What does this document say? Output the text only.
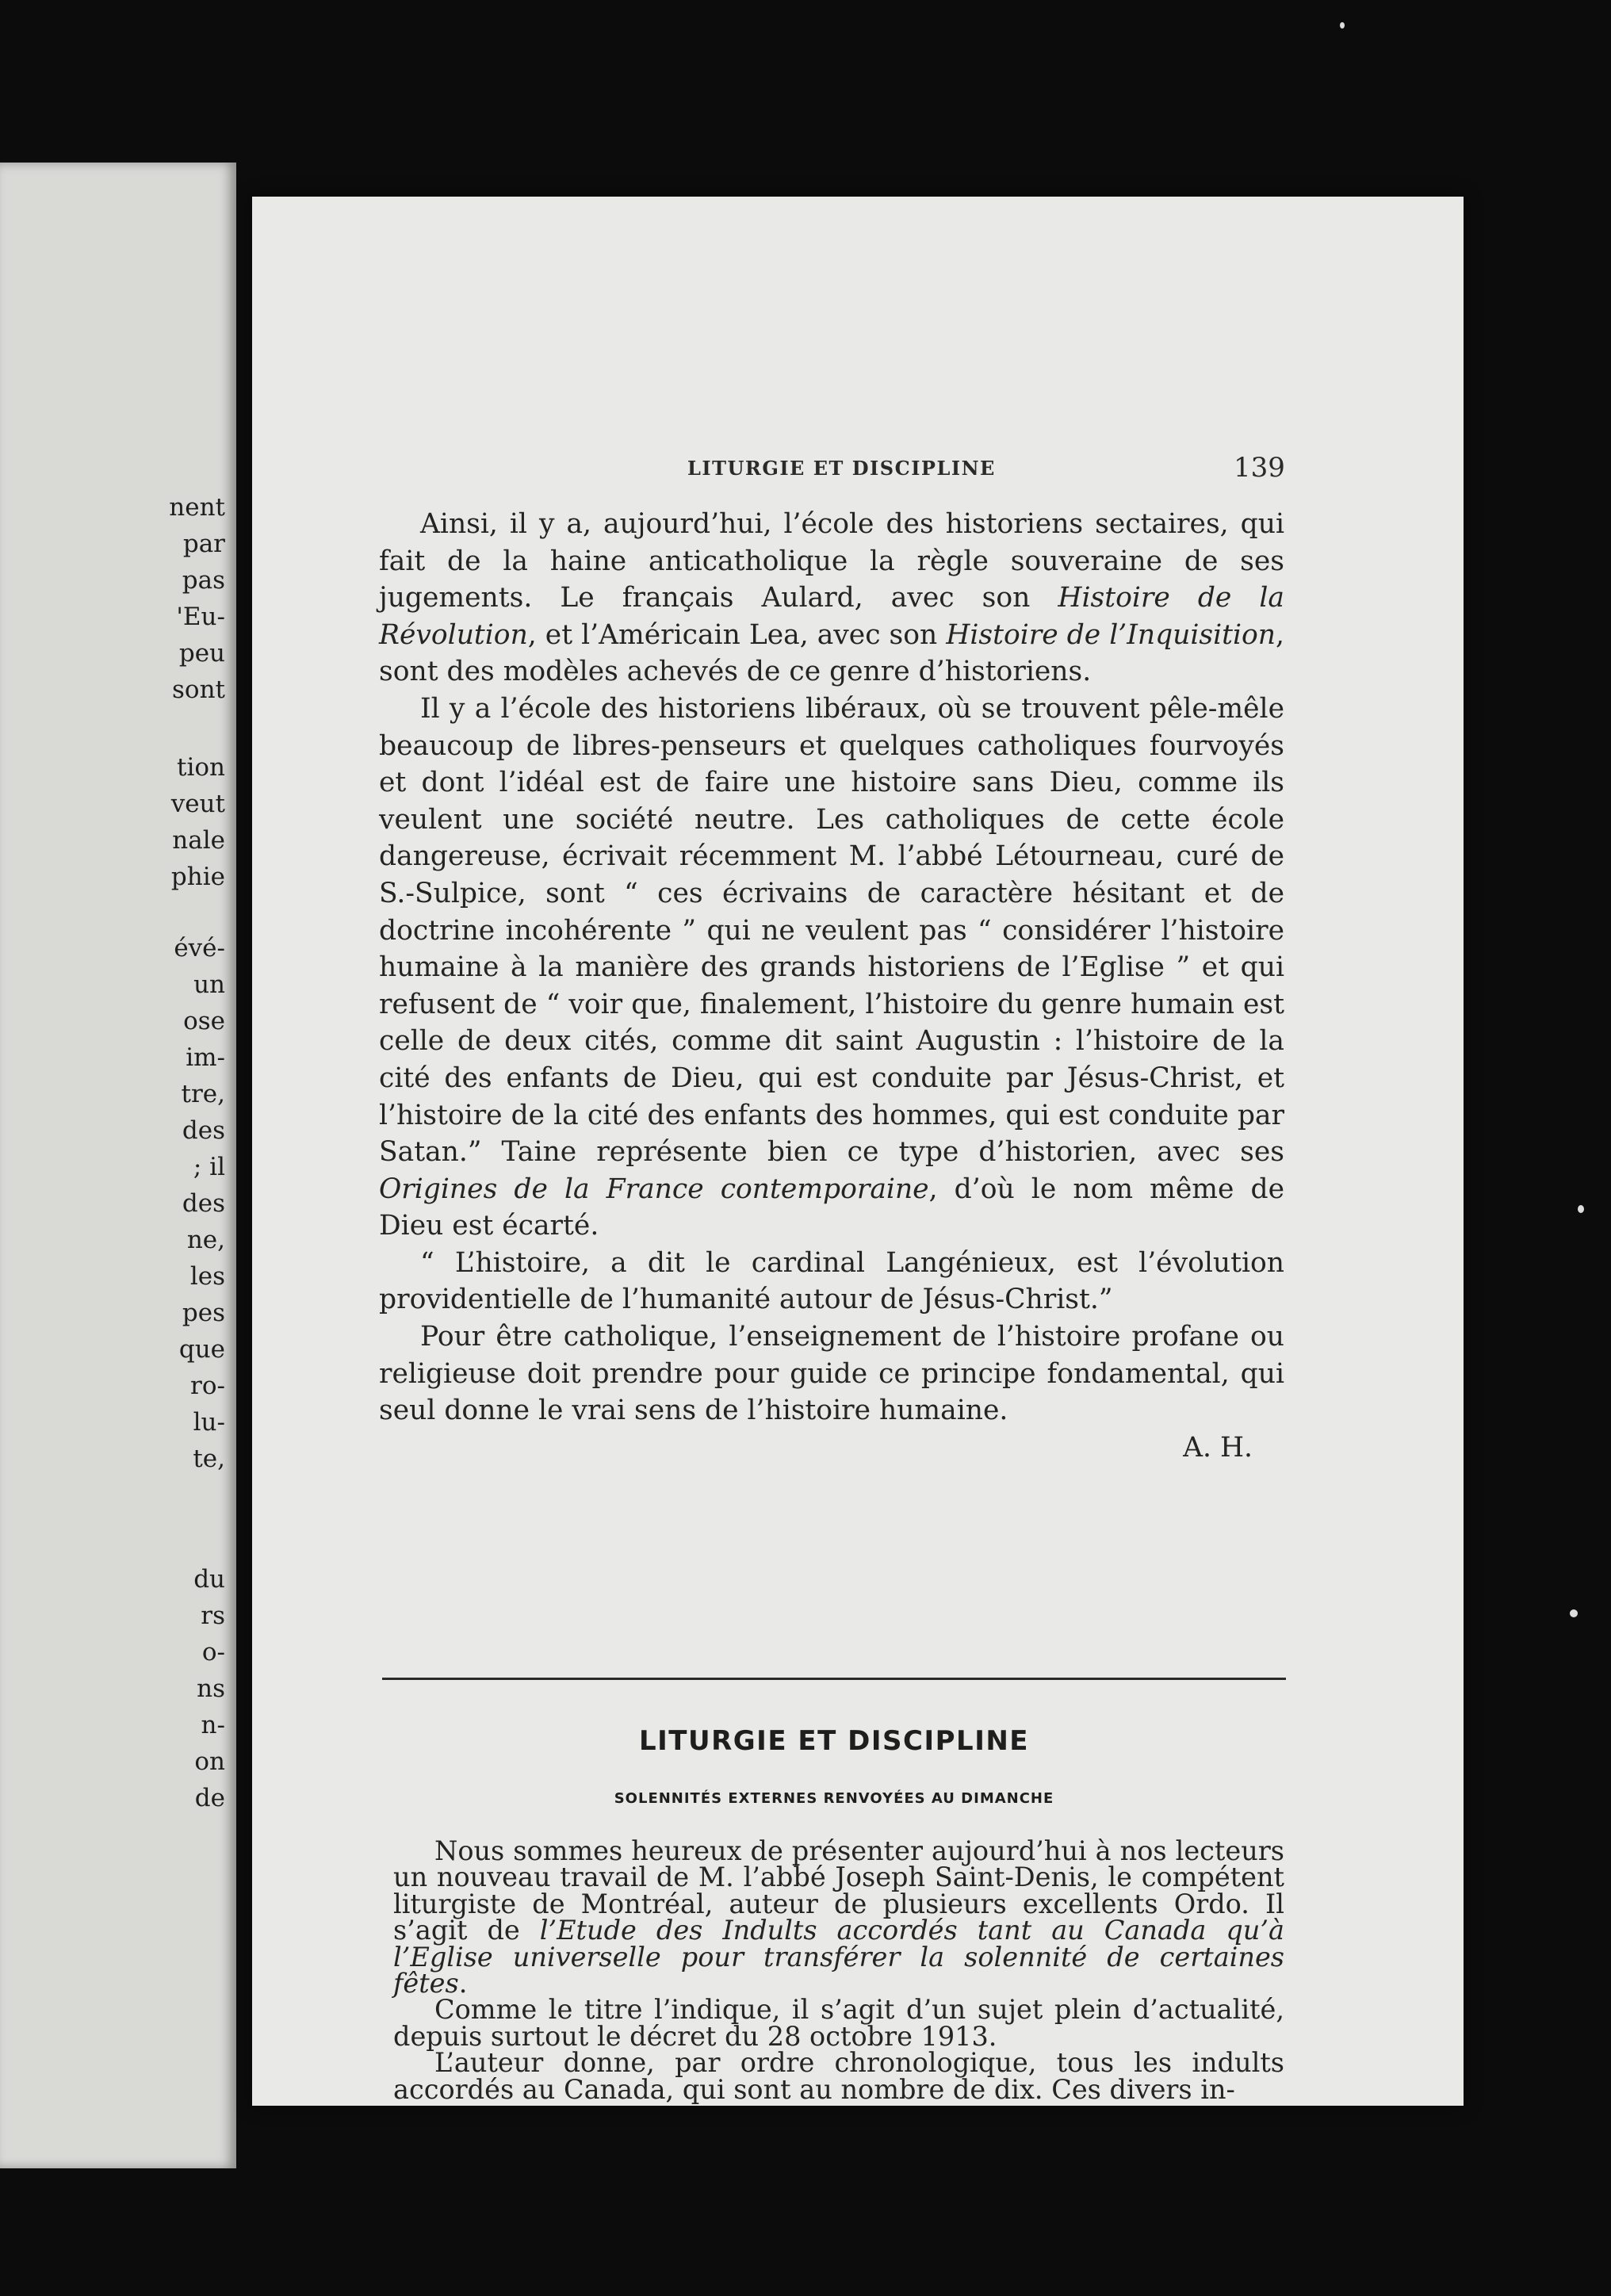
nent

par

pas

'Eu-

peu

sont

tion

veut

nale

phie

évé-

un

ose

im-

tre,

des

; il

des

ne,

les

pes

que

ro-

lu-

te,

du

rs

o-

ns

n-

on

de

LITURGIE ET DISCIPLINE	139

Ainsi, il y a, aujourd’hui, l’école des historiens sectaires, qui fait de la haine anticatholique la règle souveraine de ses jugements. Le français Aulard, avec son Histoire de la Révolution, et l’Américain Lea, avec son Histoire de l’Inquisition, sont des modèles achevés de ce genre d’historiens.

Il y a l’école des historiens libéraux, où se trouvent pêle-mêle beaucoup de libres-penseurs et quelques catholiques fourvoyés et dont l’idéal est de faire une histoire sans Dieu, comme ils veulent une société neutre. Les catholiques de cette école dangereuse, écrivait récemment M. l’abbé Létourneau, curé de S.-Sulpice, sont “ ces écrivains de caractère hésitant et de doctrine incohérente ” qui ne veulent pas “ considérer l’histoire humaine à la manière des grands historiens de l’Eglise ” et qui refusent de “ voir que, finalement, l’histoire du genre humain est celle de deux cités, comme dit saint Augustin : l’histoire de la cité des enfants de Dieu, qui est conduite par Jésus-Christ, et l’histoire de la cité des enfants des hommes, qui est conduite par Satan.” Taine représente bien ce type d’historien, avec ses Origines de la France contemporaine, d’où le nom même de Dieu est écarté.

“ L’histoire, a dit le cardinal Langénieux, est l’évolution providentielle de l’humanité autour de Jésus-Christ.”

Pour être catholique, l’enseignement de l’histoire profane ou religieuse doit prendre pour guide ce principe fondamental, qui seul donne le vrai sens de l’histoire humaine.

A. H.

LITURGIE ET DISCIPLINE

SOLENNITÉS EXTERNES RENVOYÉES AU DIMANCHE

Nous sommes heureux de présenter aujourd’hui à nos lecteurs un nouveau travail de M. l’abbé Joseph Saint-Denis, le compétent liturgiste de Montréal, auteur de plusieurs excellents Ordo. Il s’agit de l’Etude des Indults accordés tant au Canada qu’à l’Eglise universelle pour transférer la solennité de certaines fêtes.

Comme le titre l’indique, il s’agit d’un sujet plein d’actualité, depuis surtout le décret du 28 octobre 1913.

L’auteur donne, par ordre chronologique, tous les indults accordés au Canada, qui sont au nombre de dix. Ces divers in-
